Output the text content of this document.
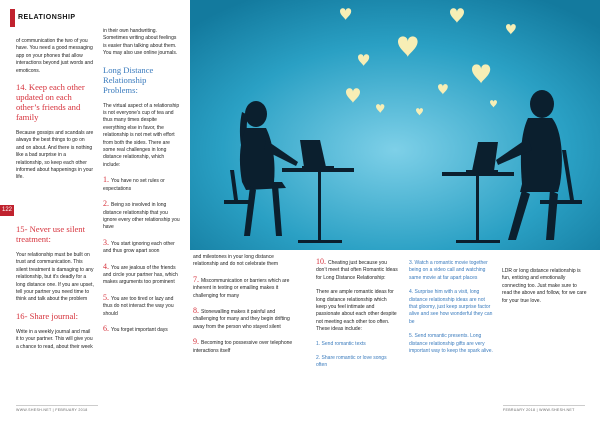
RELATIONSHIP
122

of communication the two of you have. You need a good messaging app on your phones that allow interactions beyond just words and emoticons.

14. Keep each other updated on each other’s friends and family

Because gossips and scandals are always the best things to go on and on about. And there is nothing like a bad surprise in a relationship, so keep each other informed about happenings in your life.

15- Never use silent treatment:

Your relationship must be built on trust and communication. This silent treatment is damaging to any relationship, but it's deadly for a long distance one. If you are upset, tell your partner you need time to think and talk about the problem

16- Share journal:

Write in a weekly journal and mail it to your partner. This will give you a chance to read, about their week

in their own handwriting. Sometimes writing about feelings is easier than talking about them. You may also use online journals.

Long Distance Relationship Problems:

The virtual aspect of a relationship is not everyone’s cup of tea and thus many times despite everything else in favor, the relationship is not met with effort from both the sides. There are some real challenges in long distance relationship, which include:

1. You have no set rules or expectations

2. Being so involved in long distance relationship that you ignore every other relationship you have

3. You start ignoring each other and thus grow apart soon

4. You are jealous of the friends and circle your partner has, which makes arguments too prominent

5. You are too tired or lazy and thus do not interact the way you should

6. You forget important days

and milestones in your long distance relationship and do not celebrate them

7. Miscommunication or barriers which are inherent in texting or emailing makes it challenging for many

8. Stonewalling makes it painful and challenging for many and they begin drifting away from the person who stayed silent

9. Becoming too possessive over telephone interactions itself

10. Cheating just because you don’t meet that often Romantic Ideas for Long Distance Relationship:

There are ample romantic ideas for long distance relationship which keep you feel intimate and passionate about each other despite not meeting each other too often. These ideas include:

1. Send romantic texts

2. Share romantic or love songs often

3. Watch a romantic movie together being on a video call and watching same movie at far apart places

4. Surprise him with a visit, long distance relationship ideas are not that gloomy, just keep surprise factor alive and see how wonderful they can be

5. Send romantic presents. Long distance relationship gifts are very important way to keep the spark alive.

LDR or long distance relationship is fun, enticing and emotionally connecting too. Just make sure to read the above and follow, for we care for your true love.

WWW.SHESH.NET | FEBRUARY 2018	FEBRUARY 2018 | WWW.SHESH.NET
